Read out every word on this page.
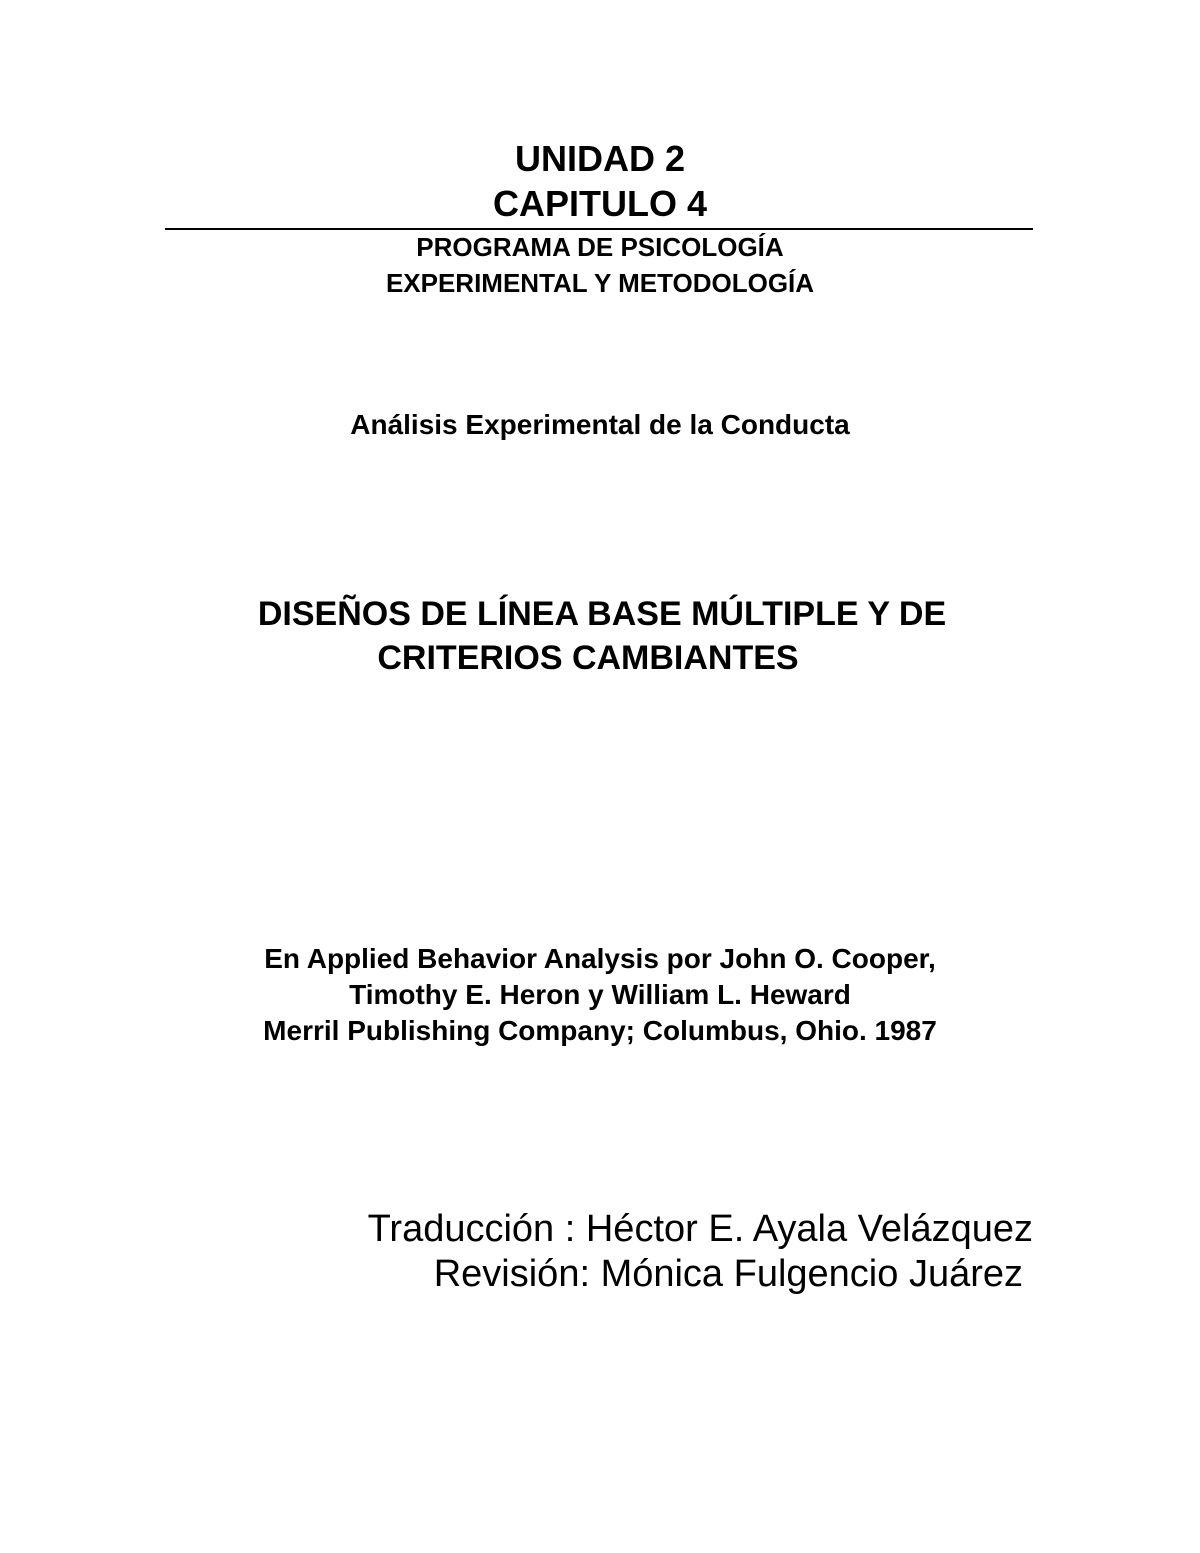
UNIDAD 2
CAPITULO 4
PROGRAMA DE PSICOLOGÍA
EXPERIMENTAL Y METODOLOGÍA
Análisis Experimental de la Conducta
DISEÑOS DE LÍNEA BASE MÚLTIPLE Y DE
CRITERIOS CAMBIANTES
En Applied Behavior Analysis por John O. Cooper,
Timothy E. Heron y William L. Heward
Merril Publishing Company; Columbus, Ohio. 1987
Traducción : Héctor E. Ayala Velázquez
Revisión: Mónica Fulgencio Juárez
